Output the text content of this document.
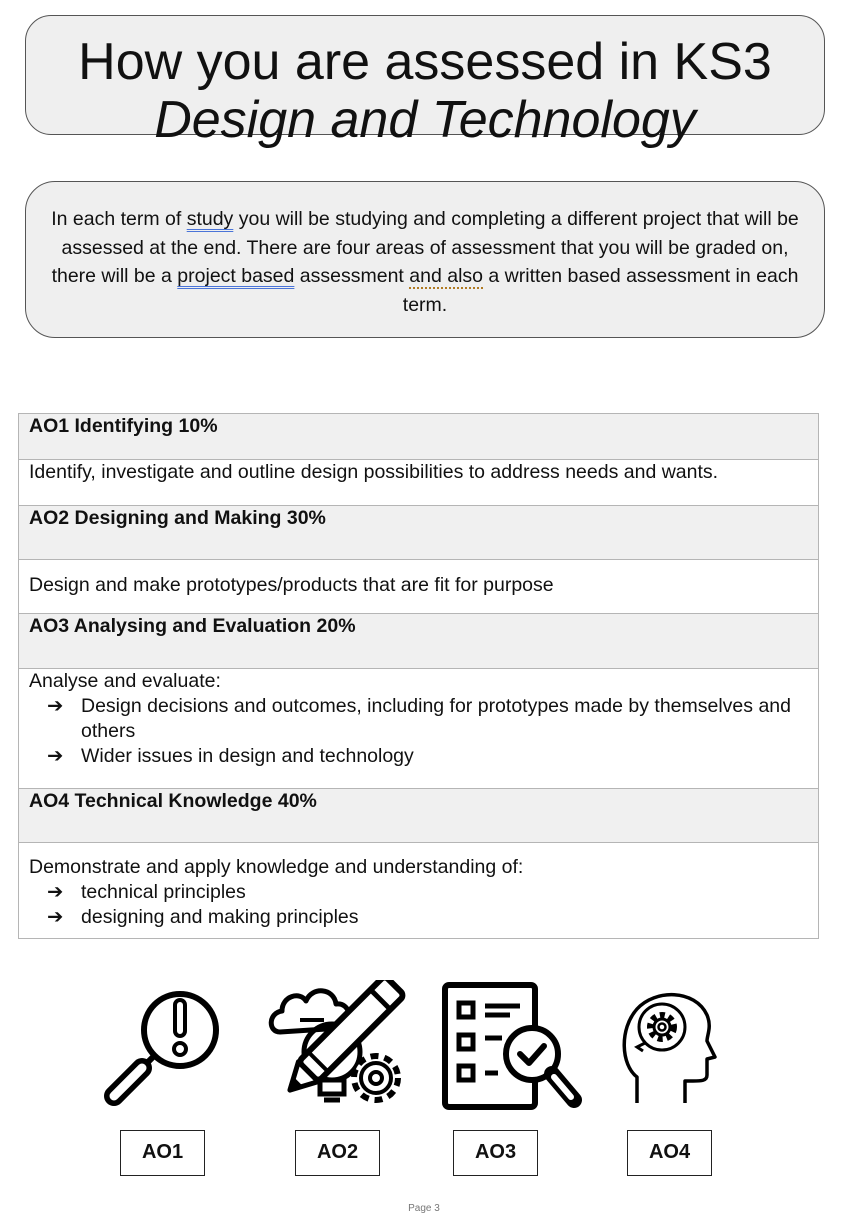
How you are assessed in KS3
Design and Technology
In each term of study you will be studying and completing a different project that will be assessed at the end. There are four areas of assessment that you will be graded on, there will be a project based assessment and also a written based assessment in each term.
AO1 Identifying 10%
Identify, investigate and outline design possibilities to address needs and wants.
AO2 Designing and Making 30%
Design and make prototypes/products that are fit for purpose
AO3 Analysing and Evaluation 20%

Analyse and evaluate:
➔ Design decisions and outcomes, including for prototypes made by themselves and others
➔ Wider issues in design and technology

AO4 Technical Knowledge 40%

Demonstrate and apply knowledge and understanding of:
➔ technical principles
➔ designing and making principles
AO1	AO2	AO3	AO4
Page 3
